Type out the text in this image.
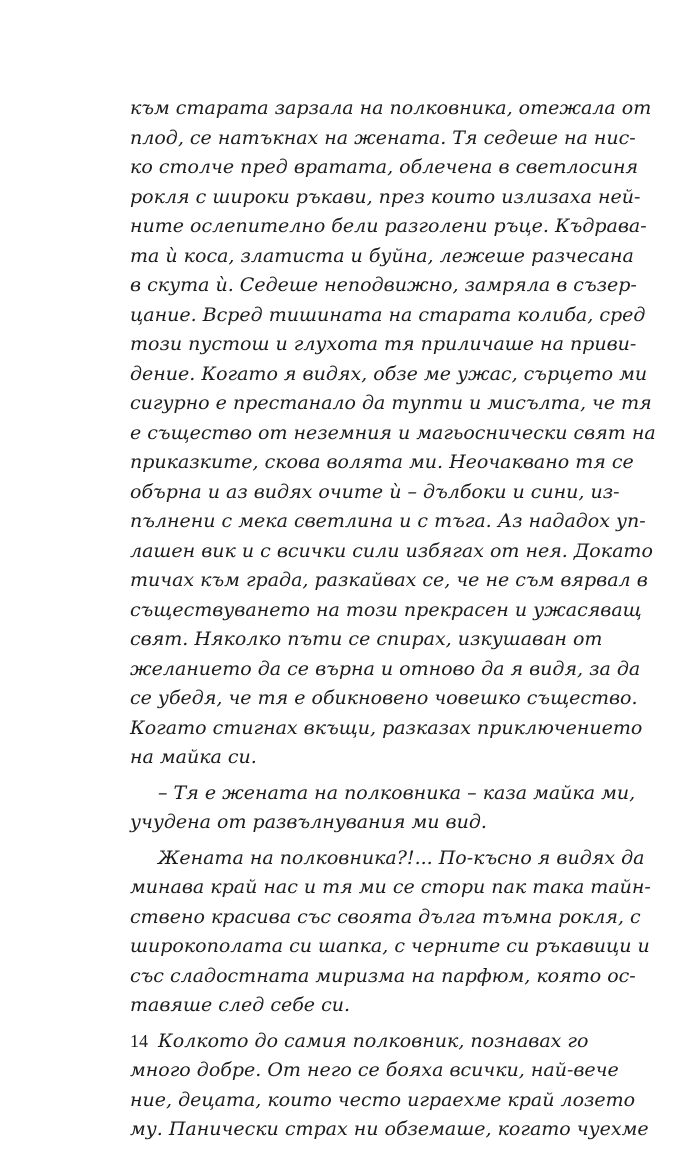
към старата зарзала на полковника, отежала от
плод, се натъкнах на жената. Тя седеше на нис-
ко столче пред вратата, облечена в светлосиня
рокля с широки ръкави, през които излизаха ней-
ните ослепително бели разголени ръце. Къдрава-
та ѝ коса, златиста и буйна, лежеше разчесана
в скута ѝ. Седеше неподвижно, замряла в съзер-
цание. Всред тишината на старата колиба, сред
този пустош и глухота тя приличаше на приви-
дение. Когато я видях, обзе ме ужас, сърцето ми
сигурно е престанало да тупти и мисълта, че тя
е същество от неземния и магьоснически свят на
приказките, скова волята ми. Неочаквано тя се
обърна и аз видях очите ѝ – дълбоки и сини, из-
пълнени с мека светлина и с тъга. Аз нададох уп-
лашен вик и с всички сили избягах от нея. Докато
тичах към града, разкайвах се, че не съм вярвал в
съществуването на този прекрасен и ужасяващ
свят. Няколко пъти се спирах, изкушаван от
желанието да се върна и отново да я видя, за да
се убедя, че тя е обикновено човешко същество.
Когато стигнах вкъщи, разказах приключението
на майка си.

– Тя е жената на полковника – каза майка ми,
учудена от развълнувания ми вид.

Жената на полковника?!... По-късно я видях да
минава край нас и тя ми се стори пак така тайн-
ствено красива със своята дълга тъмна рокля, с
широкополата си шапка, с черните си ръкавици и
със сладостната миризма на парфюм, която ос-
тавяше след себе си.

Колкото до самия полковник, познавах го
много добре. От него се бояха всички, най-вече
ние, децата, които често играехме край лозето
му. Панически страх ни обземаше, когато чуехме

14
